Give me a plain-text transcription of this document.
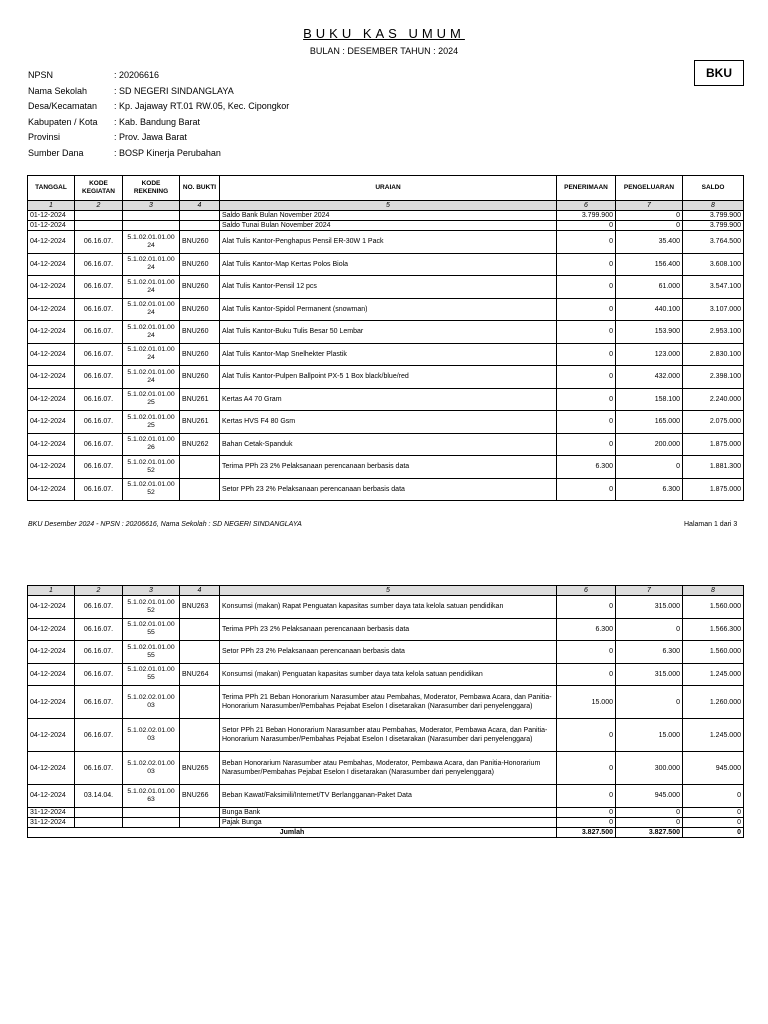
BUKU KAS UMUM
BULAN : DESEMBER TAHUN : 2024
BKU
NPSN	: 20206616
Nama Sekolah	: SD NEGERI SINDANGLAYA
Desa/Kecamatan	: Kp. Jajaway RT.01 RW.05, Kec. Cipongkor
Kabupaten / Kota	: Kab. Bandung Barat
Provinsi	: Prov. Jawa Barat
Sumber Dana	: BOSP Kinerja Perubahan
TANGGAL	KODE KEGIATAN	KODE REKENING	NO. BUKTI	URAIAN	PENERIMAAN	PENGELUARAN	SALDO
1	2	3	4	5	6	7	8
01-12-2024				Saldo Bank Bulan November 2024	3.799.900	0	3.799.900
01-12-2024				Saldo Tunai Bulan November 2024	0	0	3.799.900
04-12-2024	06.16.07.	5.1.02.01.01.00 24	BNU260	Alat Tulis Kantor-Penghapus Pensil ER-30W 1 Pack	0	35.400	3.764.500
04-12-2024	06.16.07.	5.1.02.01.01.00 24	BNU260	Alat Tulis Kantor-Map Kertas Polos Biola	0	156.400	3.608.100
04-12-2024	06.16.07.	5.1.02.01.01.00 24	BNU260	Alat Tulis Kantor-Pensil 12 pcs	0	61.000	3.547.100
04-12-2024	06.16.07.	5.1.02.01.01.00 24	BNU260	Alat Tulis Kantor-Spidol Permanent (snowman)	0	440.100	3.107.000
04-12-2024	06.16.07.	5.1.02.01.01.00 24	BNU260	Alat Tulis Kantor-Buku Tulis Besar 50 Lembar	0	153.900	2.953.100
04-12-2024	06.16.07.	5.1.02.01.01.00 24	BNU260	Alat Tulis Kantor-Map Snelhekter Plastik	0	123.000	2.830.100
04-12-2024	06.16.07.	5.1.02.01.01.00 24	BNU260	Alat Tulis Kantor-Pulpen Ballpoint PX-5 1 Box black/blue/red	0	432.000	2.398.100
04-12-2024	06.16.07.	5.1.02.01.01.00 25	BNU261	Kertas A4 70 Gram	0	158.100	2.240.000
04-12-2024	06.16.07.	5.1.02.01.01.00 25	BNU261	Kertas HVS F4 80 Gsm	0	165.000	2.075.000
04-12-2024	06.16.07.	5.1.02.01.01.00 26	BNU262	Bahan Cetak-Spanduk	0	200.000	1.875.000
04-12-2024	06.16.07.	5.1.02.01.01.00 52		Terima PPh 23 2% Pelaksanaan perencanaan berbasis data	6.300	0	1.881.300
04-12-2024	06.16.07.	5.1.02.01.01.00 52		Setor PPh 23 2% Pelaksanaan perencanaan berbasis data	0	6.300	1.875.000
BKU Desember 2024 - NPSN : 20206616, Nama Sekolah : SD NEGERI SINDANGLAYA	Halaman 1 dari 3
1	2	3	4	5	6	7	8
04-12-2024	06.16.07.	5.1.02.01.01.00 52	BNU263	Konsumsi (makan) Rapat Penguatan kapasitas sumber daya tata kelola satuan pendidikan	0	315.000	1.560.000
04-12-2024	06.16.07.	5.1.02.01.01.00 55		Terima PPh 23 2% Pelaksanaan perencanaan berbasis data	6.300	0	1.566.300
04-12-2024	06.16.07.	5.1.02.01.01.00 55		Setor PPh 23 2% Pelaksanaan perencanaan berbasis data	0	6.300	1.560.000
04-12-2024	06.16.07.	5.1.02.01.01.00 55	BNU264	Konsumsi (makan) Penguatan kapasitas sumber daya tata kelola satuan pendidikan	0	315.000	1.245.000
04-12-2024	06.16.07.	5.1.02.02.01.00 03		Terima PPh 21 Beban Honorarium Narasumber atau Pembahas, Moderator, Pembawa Acara, dan Panitia-Honorarium Narasumber/Pembahas Pejabat Eselon I disetarakan (Narasumber dari penyelenggara)	15.000	0	1.260.000
04-12-2024	06.16.07.	5.1.02.02.01.00 03		Setor PPh 21 Beban Honorarium Narasumber atau Pembahas, Moderator, Pembawa Acara, dan Panitia-Honorarium Narasumber/Pembahas Pejabat Eselon I disetarakan (Narasumber dari penyelenggara)	0	15.000	1.245.000
04-12-2024	06.16.07.	5.1.02.02.01.00 03	BNU265	Beban Honorarium Narasumber atau Pembahas, Moderator, Pembawa Acara, dan Panitia-Honorarium Narasumber/Pembahas Pejabat Eselon I disetarakan (Narasumber dari penyelenggara)	0	300.000	945.000
04-12-2024	03.14.04.	5.1.02.01.01.00 63	BNU266	Beban Kawat/Faksimili/Internet/TV Berlangganan-Paket Data	0	945.000	0
31-12-2024				Bunga Bank	0	0	0
31-12-2024				Pajak Bunga	0	0	0
Jumlah					3.827.500	3.827.500	0
